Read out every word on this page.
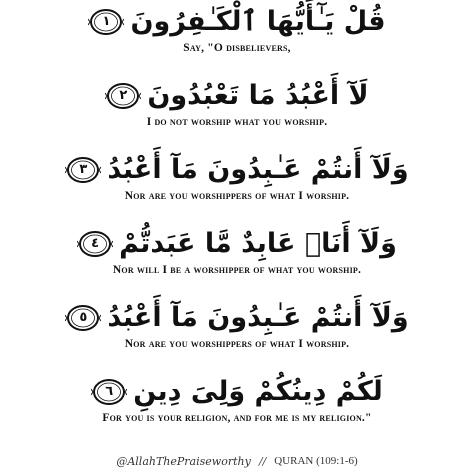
قُلْ يَـٰٓأَيُّهَا ٱلْكَـٰفِرُونَ
١
Say, "O disbelievers,
لَآ أَعْبُدُ مَا تَعْبُدُونَ
٢
I do not worship what you worship.
وَلَآ أَنتُمْ عَـٰبِدُونَ مَآ أَعْبُدُ
٣
Nor are you worshippers of what I worship.
وَلَآ أَنَا۠ عَابِدٌ مَّا عَبَدتُّمْ
٤
Nor will I be a worshipper of what you worship.
وَلَآ أَنتُمْ عَـٰبِدُونَ مَآ أَعْبُدُ
٥
Nor are you worshippers of what I worship.
لَكُمْ دِينُكُمْ وَلِىَ دِينِ
٦
For you is your religion, and for me is my religion."
@AllahThePraiseworthy // QURAN (109:1-6)
